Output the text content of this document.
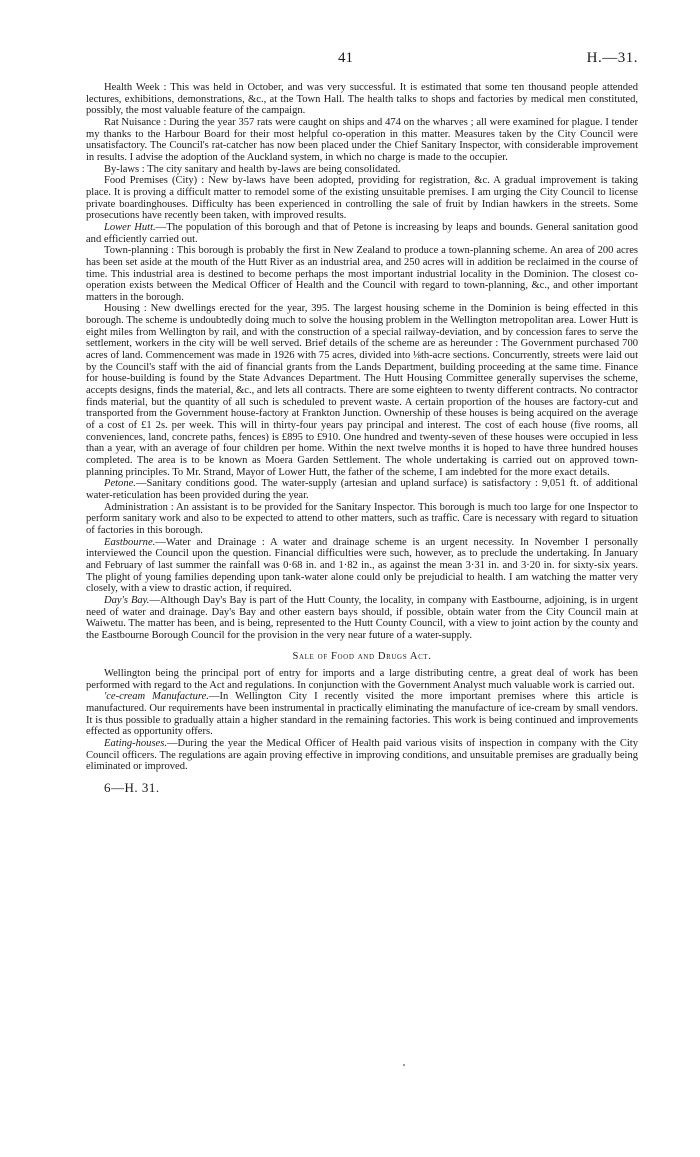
41	H.—31.

Health Week : This was held in October, and was very successful. It is estimated that some ten thousand people attended lectures, exhibitions, demonstrations, &c., at the Town Hall. The health talks to shops and factories by medical men constituted, possibly, the most valuable feature of the campaign.

Rat Nuisance : During the year 357 rats were caught on ships and 474 on the wharves ; all were examined for plague. I tender my thanks to the Harbour Board for their most helpful co-operation in this matter. Measures taken by the City Council were unsatisfactory. The Council's rat-catcher has now been placed under the Chief Sanitary Inspector, with considerable improvement in results. I advise the adoption of the Auckland system, in which no charge is made to the occupier.

By-laws : The city sanitary and health by-laws are being consolidated.

Food Premises (City) : New by-laws have been adopted, providing for registration, &c. A gradual improvement is taking place. It is proving a difficult matter to remodel some of the existing unsuitable premises. I am urging the City Council to license private boardinghouses. Difficulty has been experienced in controlling the sale of fruit by Indian hawkers in the streets. Some prosecutions have recently been taken, with improved results.

Lower Hutt.—The population of this borough and that of Petone is increasing by leaps and bounds. General sanitation good and efficiently carried out.

Town-planning : This borough is probably the first in New Zealand to produce a town-planning scheme. An area of 200 acres has been set aside at the mouth of the Hutt River as an industrial area, and 250 acres will in addition be reclaimed in the course of time. This industrial area is destined to become perhaps the most important industrial locality in the Dominion. The closest co-operation exists between the Medical Officer of Health and the Council with regard to town-planning, &c., and other important matters in the borough.

Housing : New dwellings erected for the year, 395. The largest housing scheme in the Dominion is being effected in this borough. The scheme is undoubtedly doing much to solve the housing problem in the Wellington metropolitan area. Lower Hutt is eight miles from Wellington by rail, and with the construction of a special railway-deviation, and by concession fares to serve the settlement, workers in the city will be well served. Brief details of the scheme are as hereunder : The Government purchased 700 acres of land. Commencement was made in 1926 with 75 acres, divided into ⅛th-acre sections. Concurrently, streets were laid out by the Council's staff with the aid of financial grants from the Lands Department, building proceeding at the same time. Finance for house-building is found by the State Advances Department. The Hutt Housing Committee generally supervises the scheme, accepts designs, finds the material, &c., and lets all contracts. There are some eighteen to twenty different contracts. No contractor finds material, but the quantity of all such is scheduled to prevent waste. A certain proportion of the houses are factory-cut and transported from the Government house-factory at Frankton Junction. Ownership of these houses is being acquired on the average of a cost of £1 2s. per week. This will in thirty-four years pay principal and interest. The cost of each house (five rooms, all conveniences, land, concrete paths, fences) is £895 to £910. One hundred and twenty-seven of these houses were occupied in less than a year, with an average of four children per home. Within the next twelve months it is hoped to have three hundred houses completed. The area is to be known as Moera Garden Settlement. The whole undertaking is carried out on approved town-planning principles. To Mr. Strand, Mayor of Lower Hutt, the father of the scheme, I am indebted for the more exact details.

Petone.—Sanitary conditions good. The water-supply (artesian and upland surface) is satisfactory : 9,051 ft. of additional water-reticulation has been provided during the year.

Administration : An assistant is to be provided for the Sanitary Inspector. This borough is much too large for one Inspector to perform sanitary work and also to be expected to attend to other matters, such as traffic. Care is necessary with regard to situation of factories in this borough.

Eastbourne.—Water and Drainage : A water and drainage scheme is an urgent necessity. In November I personally interviewed the Council upon the question. Financial difficulties were such, however, as to preclude the undertaking. In January and February of last summer the rainfall was 0·68 in. and 1·82 in., as against the mean 3·31 in. and 3·20 in. for sixty-six years. The plight of young families depending upon tank-water alone could only be prejudicial to health. I am watching the matter very closely, with a view to drastic action, if required.

Day's Bay.—Although Day's Bay is part of the Hutt County, the locality, in company with Eastbourne, adjoining, is in urgent need of water and drainage. Day's Bay and other eastern bays should, if possible, obtain water from the City Council main at Waiwetu. The matter has been, and is being, represented to the Hutt County Council, with a view to joint action by the county and the Eastbourne Borough Council for the provision in the very near future of a water-supply.

Sale of Food and Drugs Act.

Wellington being the principal port of entry for imports and a large distributing centre, a great deal of work has been performed with regard to the Act and regulations. In conjunction with the Government Analyst much valuable work is carried out.

'ce-cream Manufacture.—In Wellington City I recently visited the more important premises where this article is manufactured. Our requirements have been instrumental in practically eliminating the manufacture of ice-cream by small vendors. It is thus possible to gradually attain a higher standard in the remaining factories. This work is being continued and improvements effected as opportunity offers.

Eating-houses.—During the year the Medical Officer of Health paid various visits of inspection in company with the City Council officers. The regulations are again proving effective in improving conditions, and unsuitable premises are gradually being eliminated or improved.

6—H. 31.
